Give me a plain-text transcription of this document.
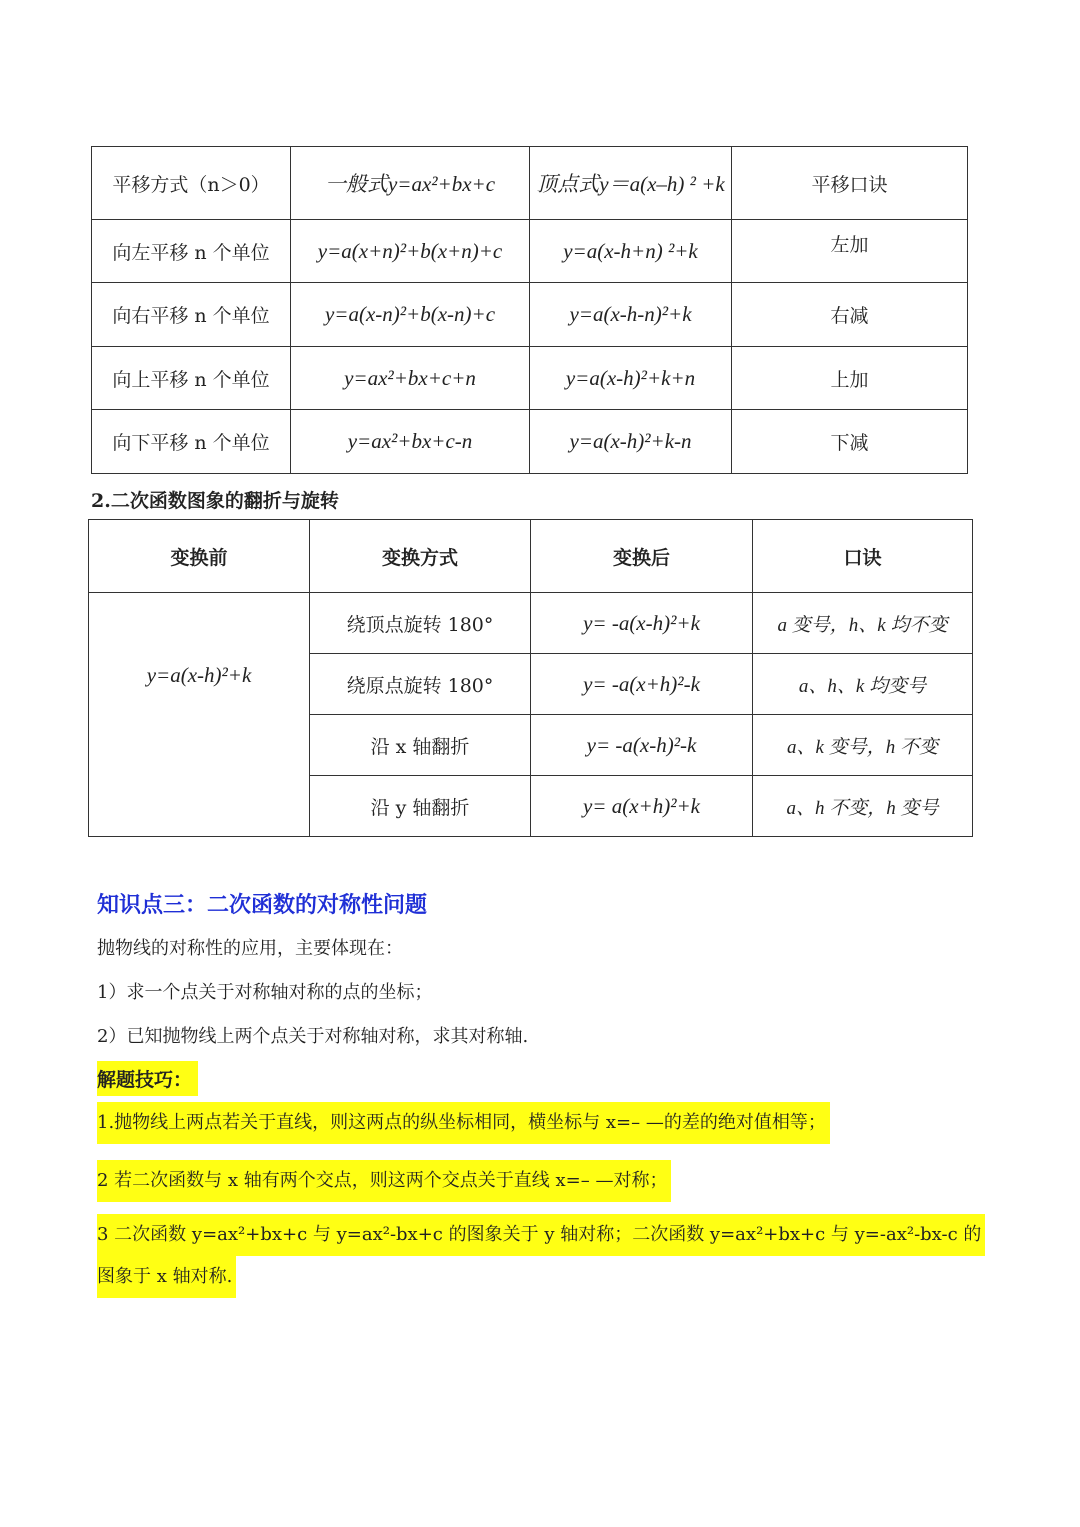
平移方式（n＞0）	一般式y=ax²+bx+c	顶点式y＝a(x–h) ² +k	平移口诀
向左平移 n 个单位	y=a(x+n)²+b(x+n)+c	y=a(x-h+n) ²+k	左加
向右平移 n 个单位	y=a(x-n)²+b(x-n)+c	y=a(x-h-n)²+k	右减
向上平移 n 个单位	y=ax²+bx+c+n	y=a(x-h)²+k+n	上加
向下平移 n 个单位	y=ax²+bx+c-n	y=a(x-h)²+k-n	下减
2.二次函数图象的翻折与旋转
变换前	变换方式	变换后	口诀
y=a(x-h)²+k	绕顶点旋转 180°	y= -a(x-h)²+k	a 变号，h、k 均不变
	绕原点旋转 180°	y= -a(x+h)²-k	a、h、k 均变号
	沿 x 轴翻折	y= -a(x-h)²-k	a、k 变号，h 不变
	沿 y 轴翻折	y= a(x+h)²+k	a、h 不变，h 变号
知识点三：二次函数的对称性问题
抛物线的对称性的应用，主要体现在：
1）求一个点关于对称轴对称的点的坐标；
2）已知抛物线上两个点关于对称轴对称，求其对称轴.
解题技巧：
1.抛物线上两点若关于直线，则这两点的纵坐标相同，横坐标与 x=– —的差的绝对值相等；
2 若二次函数与 x 轴有两个交点，则这两个交点关于直线 x=– —对称；
3 二次函数 y=ax²+bx+c 与 y=ax²-bx+c 的图象关于 y 轴对称；二次函数 y=ax²+bx+c 与 y=-ax²-bx-c 的
图象于 x 轴对称.
